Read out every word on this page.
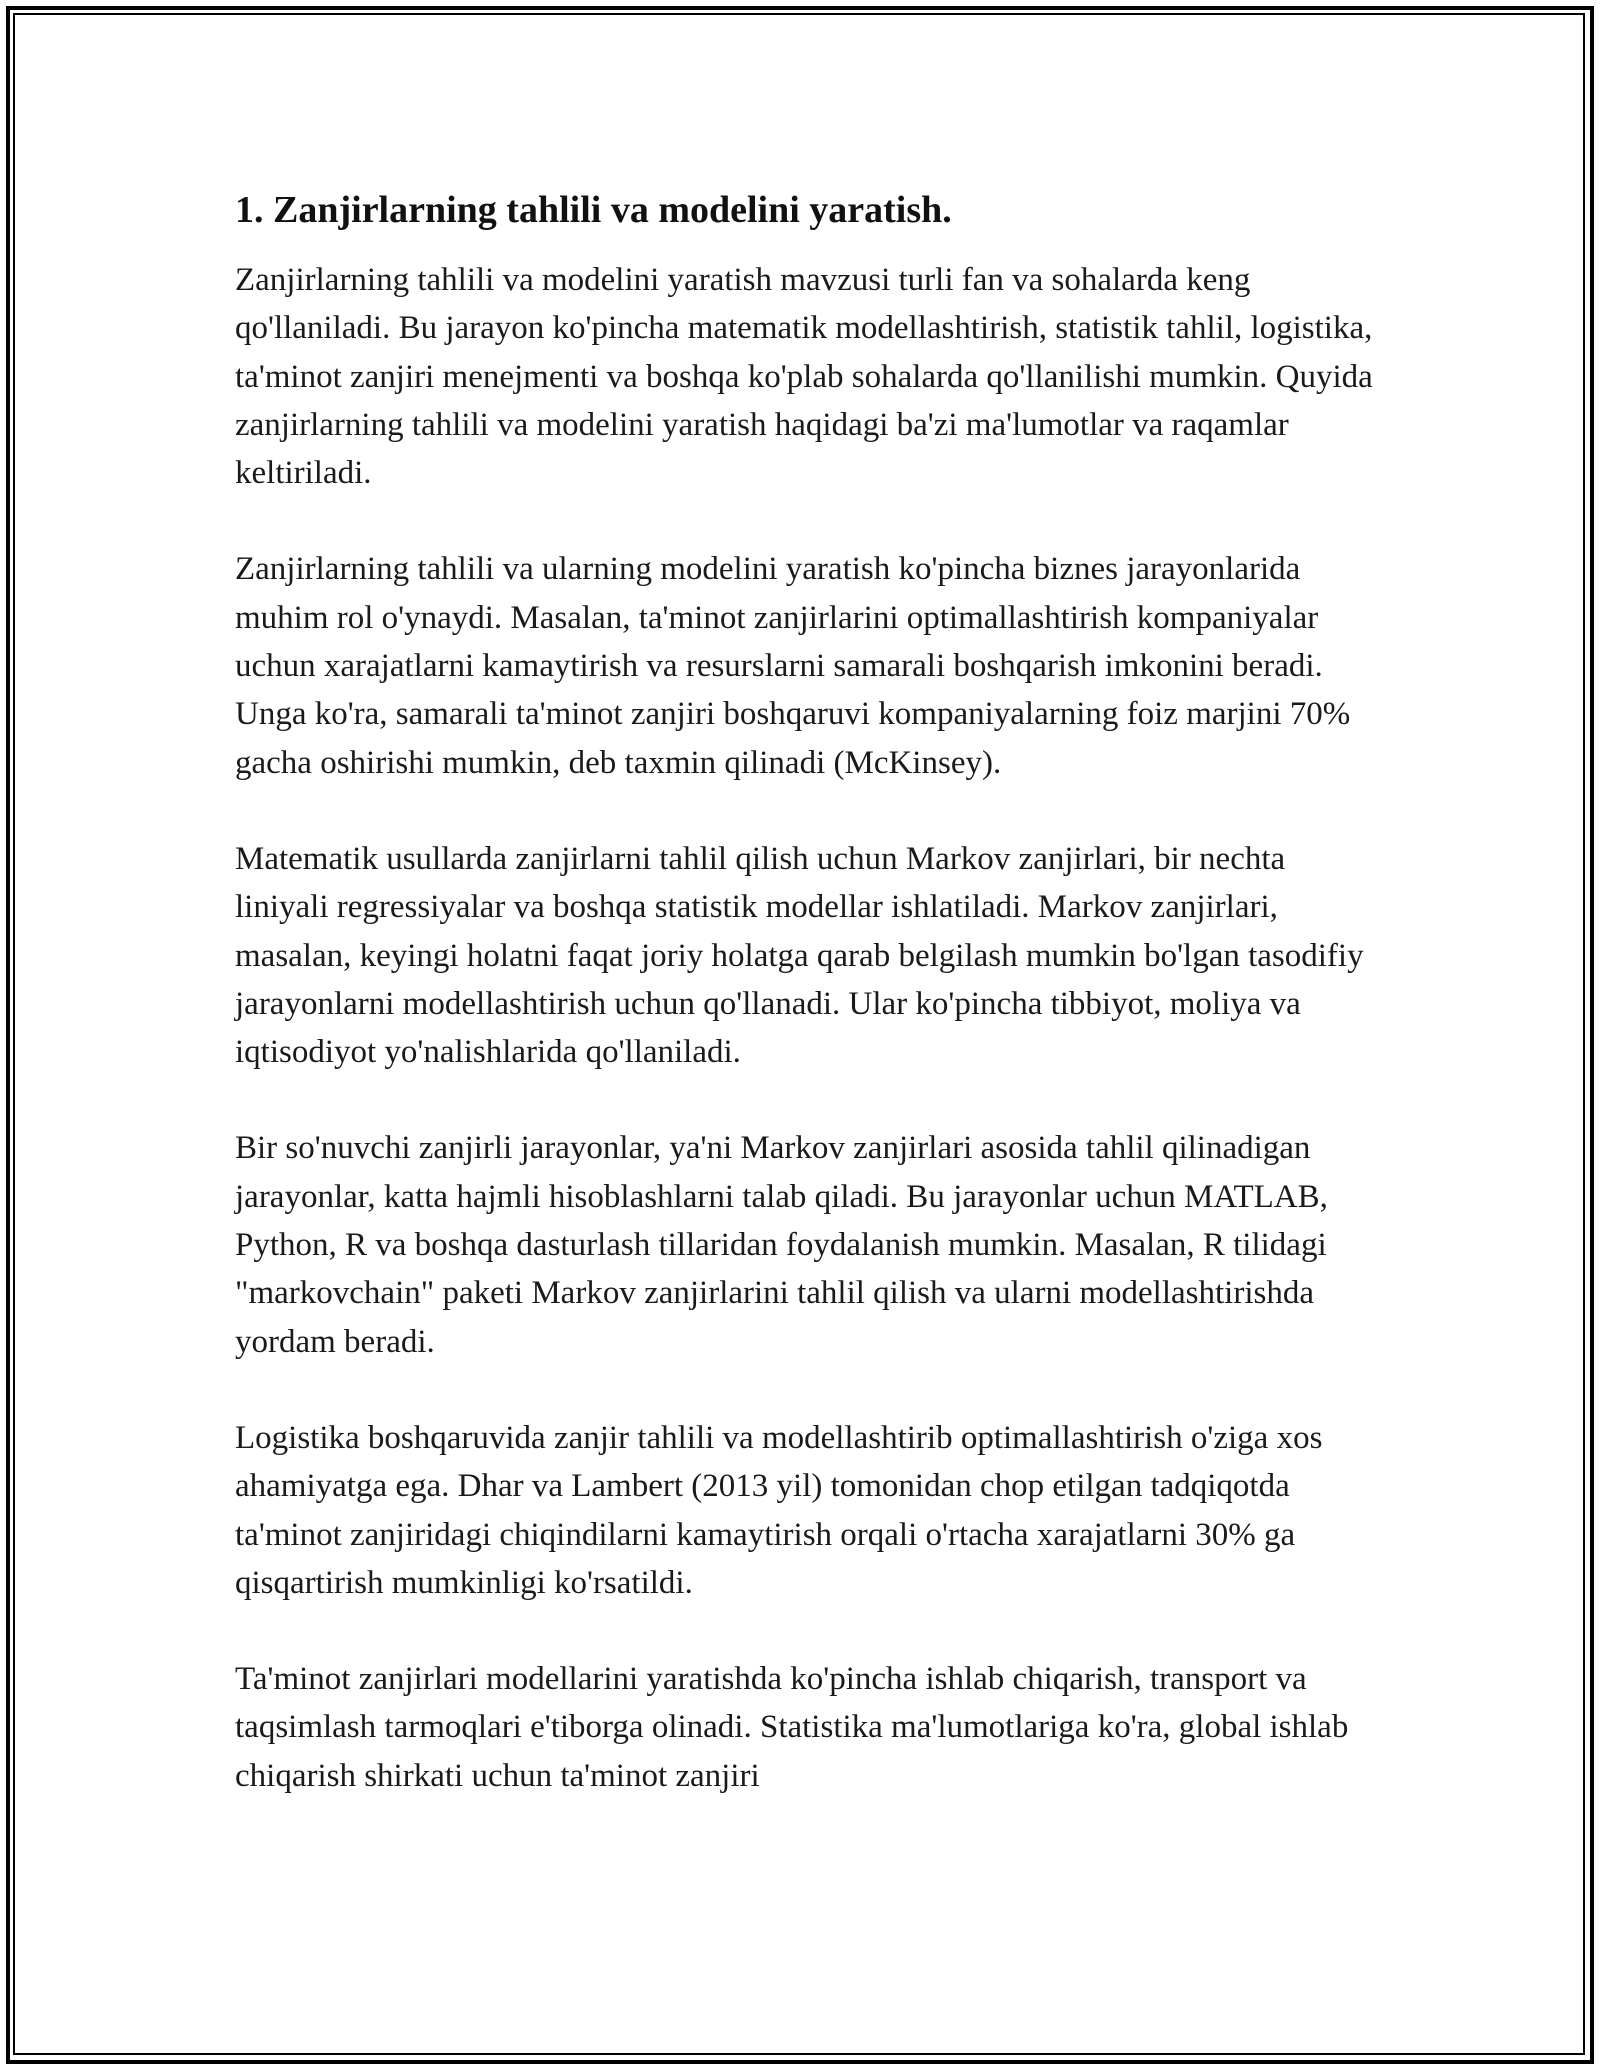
1. Zanjirlarning tahlili va modelini yaratish.

Zanjirlarning tahlili va modelini yaratish mavzusi turli fan va sohalarda keng qo'llaniladi. Bu jarayon ko'pincha matematik modellashtirish, statistik tahlil, logistika, ta'minot zanjiri menejmenti va boshqa ko'plab sohalarda qo'llanilishi mumkin. Quyida zanjirlarning tahlili va modelini yaratish haqidagi ba'zi ma'lumotlar va raqamlar keltiriladi.

Zanjirlarning tahlili va ularning modelini yaratish ko'pincha biznes jarayonlarida muhim rol o'ynaydi. Masalan, ta'minot zanjirlarini optimallashtirish kompaniyalar uchun xarajatlarni kamaytirish va resurslarni samarali boshqarish imkonini beradi. Unga ko'ra, samarali ta'minot zanjiri boshqaruvi kompaniyalarning foiz marjini 70% gacha oshirishi mumkin, deb taxmin qilinadi (McKinsey).

Matematik usullarda zanjirlarni tahlil qilish uchun Markov zanjirlari, bir nechta liniyali regressiyalar va boshqa statistik modellar ishlatiladi. Markov zanjirlari, masalan, keyingi holatni faqat joriy holatga qarab belgilash mumkin bo'lgan tasodifiy jarayonlarni modellashtirish uchun qo'llanadi. Ular ko'pincha tibbiyot, moliya va iqtisodiyot yo'nalishlarida qo'llaniladi.

Bir so'nuvchi zanjirli jarayonlar, ya'ni Markov zanjirlari asosida tahlil qilinadigan jarayonlar, katta hajmli hisoblashlarni talab qiladi. Bu jarayonlar uchun MATLAB, Python, R va boshqa dasturlash tillaridan foydalanish mumkin. Masalan, R tilidagi "markovchain" paketi Markov zanjirlarini tahlil qilish va ularni modellashtirishda yordam beradi.

Logistika boshqaruvida zanjir tahlili va modellashtirib optimallashtirish o'ziga xos ahamiyatga ega. Dhar va Lambert (2013 yil) tomonidan chop etilgan tadqiqotda ta'minot zanjiridagi chiqindilarni kamaytirish orqali o'rtacha xarajatlarni 30% ga qisqartirish mumkinligi ko'rsatildi.

Ta'minot zanjirlari modellarini yaratishda ko'pincha ishlab chiqarish, transport va taqsimlash tarmoqlari e'tiborga olinadi. Statistika ma'lumotlariga ko'ra, global ishlab chiqarish shirkati uchun ta'minot zanjiri
